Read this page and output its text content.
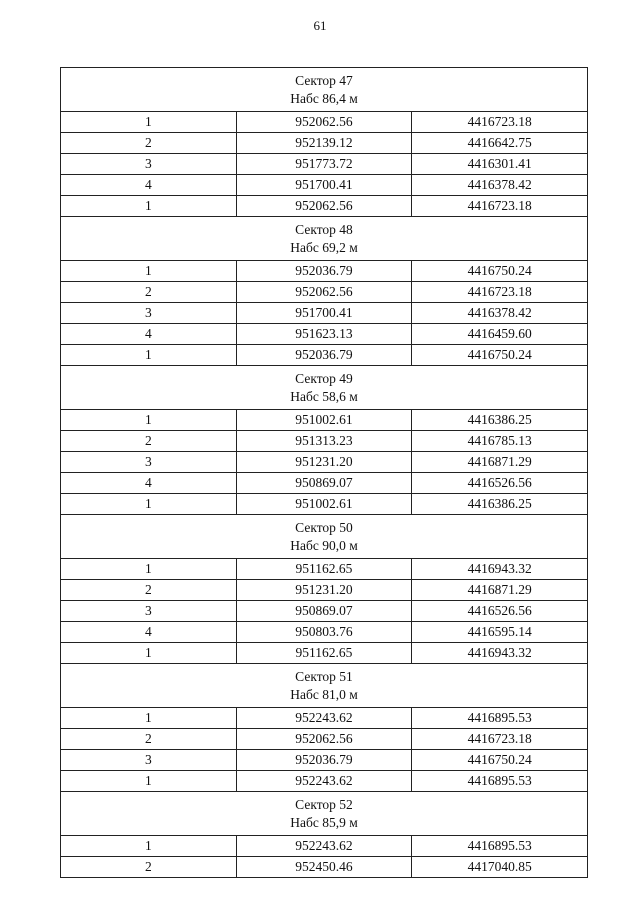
61
Сектор 47
Набс 86,4 м		

1	952062.56	4416723.18
2	952139.12	4416642.75
3	951773.72	4416301.41
4	951700.41	4416378.42
1	952062.56	4416723.18

Сектор 48
Набс 69,2 м		

1	952036.79	4416750.24
2	952062.56	4416723.18
3	951700.41	4416378.42
4	951623.13	4416459.60
1	952036.79	4416750.24

Сектор 49
Набс 58,6 м		

1	951002.61	4416386.25
2	951313.23	4416785.13
3	951231.20	4416871.29
4	950869.07	4416526.56
1	951002.61	4416386.25

Сектор 50
Набс 90,0 м		

1	951162.65	4416943.32
2	951231.20	4416871.29
3	950869.07	4416526.56
4	950803.76	4416595.14
1	951162.65	4416943.32

Сектор 51
Набс 81,0 м		

1	952243.62	4416895.53
2	952062.56	4416723.18
3	952036.79	4416750.24
1	952243.62	4416895.53

Сектор 52
Набс 85,9 м		

1	952243.62	4416895.53
2	952450.46	4417040.85
